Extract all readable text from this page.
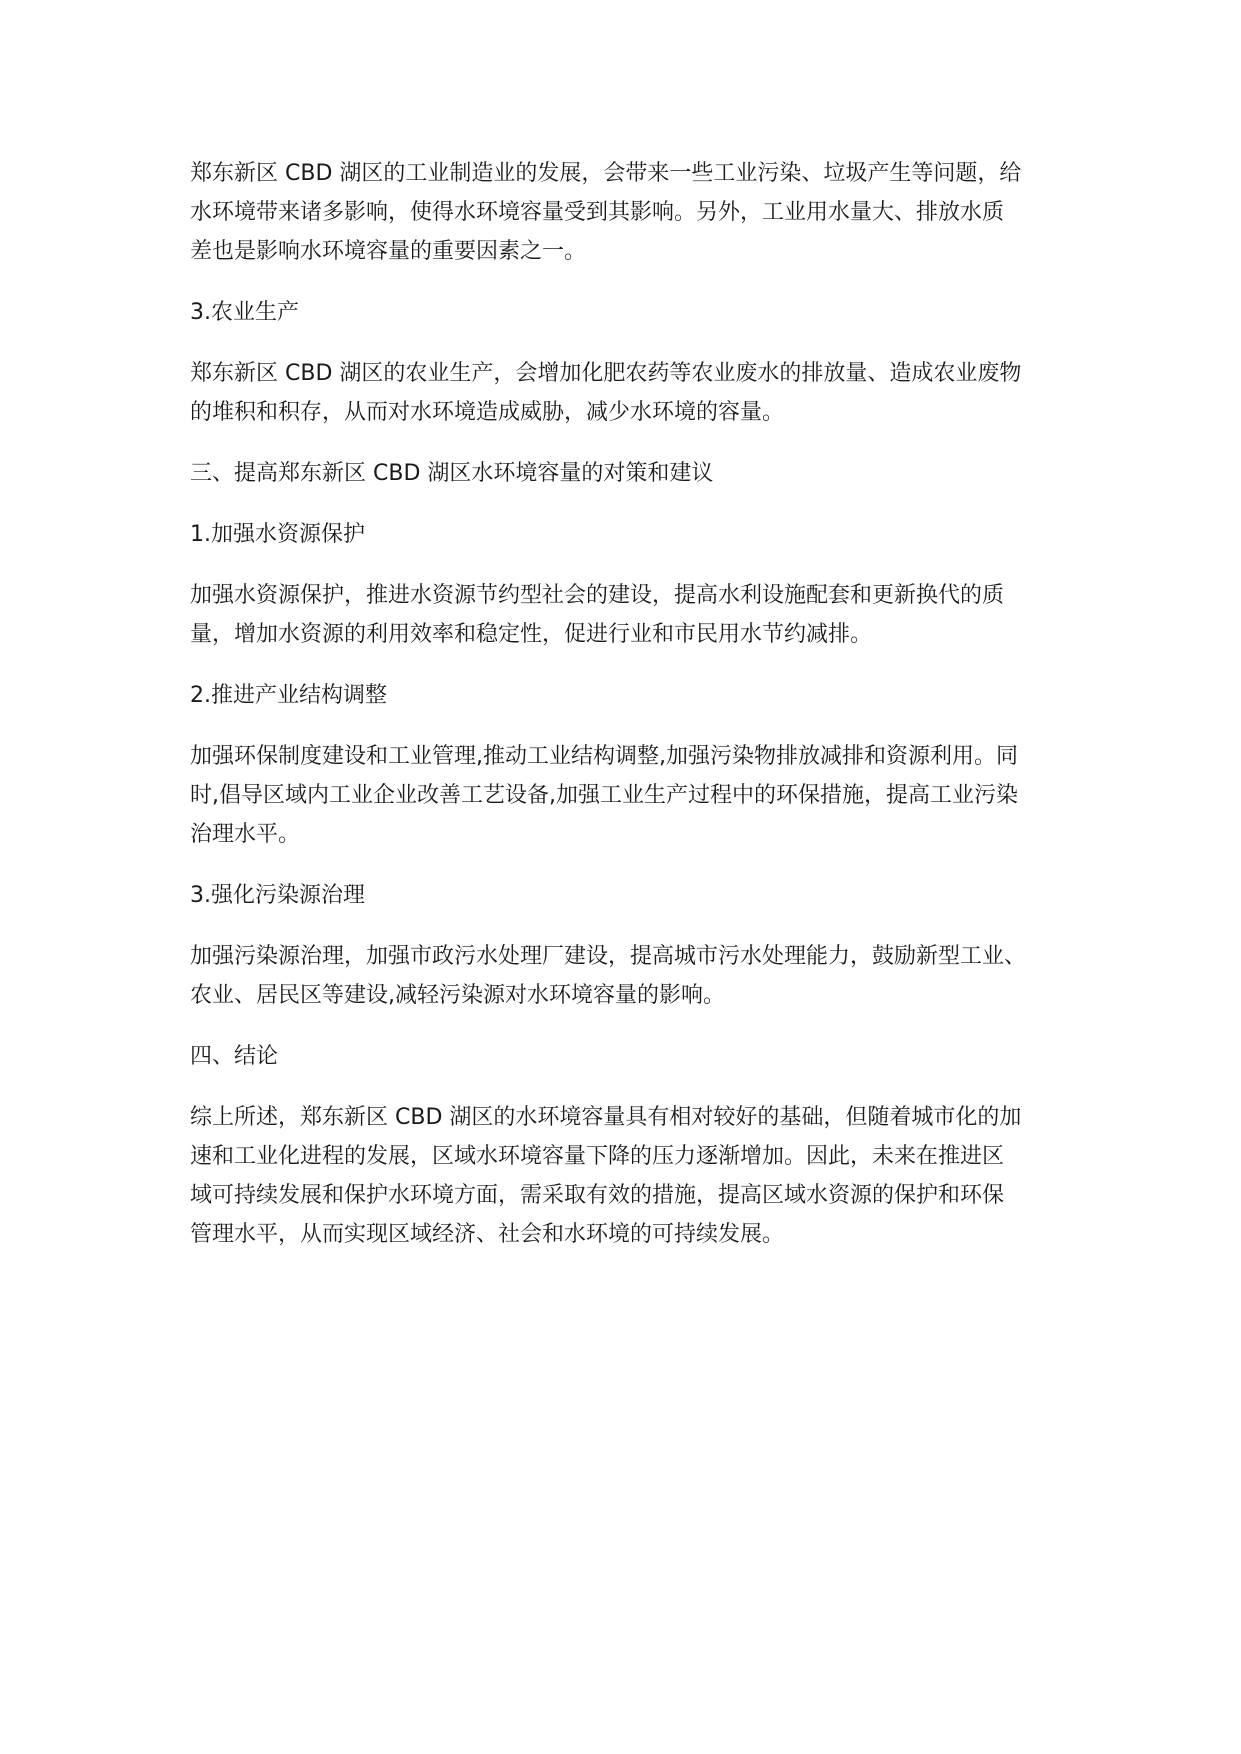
郑东新区 CBD 湖区的工业制造业的发展，会带来一些工业污染、垃圾产生等问题，给
水环境带来诸多影响，使得水环境容量受到其影响。另外，工业用水量大、排放水质
差也是影响水环境容量的重要因素之一。
3.农业生产
郑东新区 CBD 湖区的农业生产，会增加化肥农药等农业废水的排放量、造成农业废物
的堆积和积存，从而对水环境造成威胁，减少水环境的容量。
三、提高郑东新区 CBD 湖区水环境容量的对策和建议
1.加强水资源保护
加强水资源保护，推进水资源节约型社会的建设，提高水利设施配套和更新换代的质
量，增加水资源的利用效率和稳定性，促进行业和市民用水节约减排。
2.推进产业结构调整
加强环保制度建设和工业管理,推动工业结构调整,加强污染物排放减排和资源利用。同
时,倡导区域内工业企业改善工艺设备,加强工业生产过程中的环保措施，提高工业污染
治理水平。
3.强化污染源治理
加强污染源治理，加强市政污水处理厂建设，提高城市污水处理能力，鼓励新型工业、
农业、居民区等建设,减轻污染源对水环境容量的影响。
四、结论
综上所述，郑东新区 CBD 湖区的水环境容量具有相对较好的基础，但随着城市化的加
速和工业化进程的发展，区域水环境容量下降的压力逐渐增加。因此，未来在推进区
域可持续发展和保护水环境方面，需采取有效的措施，提高区域水资源的保护和环保
管理水平，从而实现区域经济、社会和水环境的可持续发展。
